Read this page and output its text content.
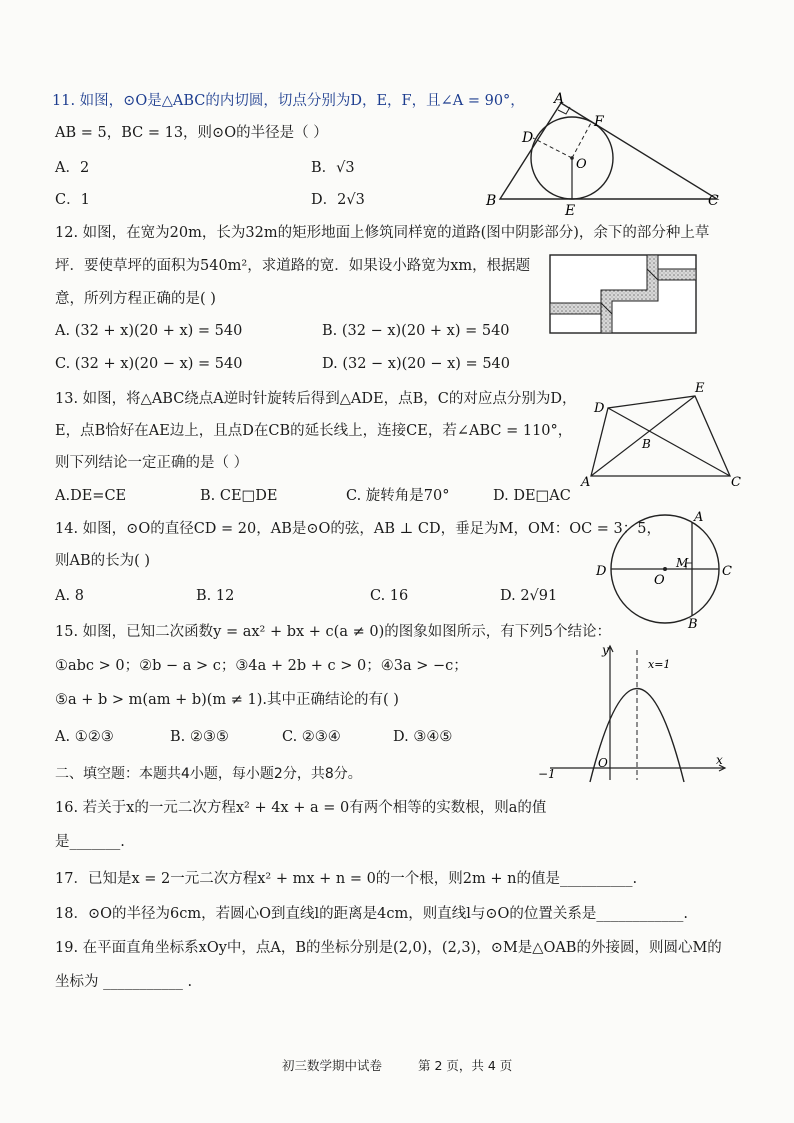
11. 如图，⊙O是△ABC的内切圆，切点分别为D，E，F，且∠A = 90°，
AB = 5，BC = 13，则⊙O的半径是（ ）
A．2	B．√3
C．1	D．2√3
A
F
D
O
B
E
C
12. 如图，在宽为20m，长为32m的矩形地面上修筑同样宽的道路(图中阴影部分)，余下的部分种上草
坪．要使草坪的面积为540m²，求道路的宽．如果设小路宽为xm，根据题
意，所列方程正确的是( )
A. (32 + x)(20 + x) = 540	B. (32 − x)(20 + x) = 540
C. (32 + x)(20 − x) = 540	D. (32 − x)(20 − x) = 540
13. 如图，将△ABC绕点A逆时针旋转后得到△ADE，点B，C的对应点分别为D，
E，点B恰好在AE边上，且点D在CB的延长线上，连接CE，若∠ABC = 110°，
则下列结论一定正确的是（ ）
A.DE=CE	B. CE□DE	C. 旋转角是70°	D. DE□AC
E
D
B
A	C
14. 如图，⊙O的直径CD = 20，AB是⊙O的弦，AB ⊥ CD，垂足为M，OM：OC = 3：5，
则AB的长为( )
A. 8	B. 12	C. 16	D. 2√91
A
D
O
M
C
B
15. 如图，已知二次函数y = ax² + bx + c(a ≠ 0)的图象如图所示，有下列5个结论：
①abc > 0；②b − a > c；③4a + 2b + c > 0；④3a > −c；
⑤a + b > m(am + b)(m ≠ 1).其中正确结论的有( )
A. ①②③	B. ②③⑤	C. ②③④	D. ③④⑤
y
x=1
−1
O	x
二、填空题：本题共4小题，每小题2分，共8分。
16. 若关于x的一元二次方程x² + 4x + a = 0有两个相等的实数根，则a的值
是_______.
17．已知是x = 2一元二次方程x² + mx + n = 0的一个根，则2m + n的值是__________.
18．⊙O的半径为6cm，若圆心O到直线l的距离是4cm，则直线l与⊙O的位置关系是____________.
19. 在平面直角坐标系xOy中，点A，B的坐标分别是(2,0)，(2,3)，⊙M是△OAB的外接圆，则圆心M的
坐标为 ___________ .
初三数学期中试卷	第 2 页，共 4 页
